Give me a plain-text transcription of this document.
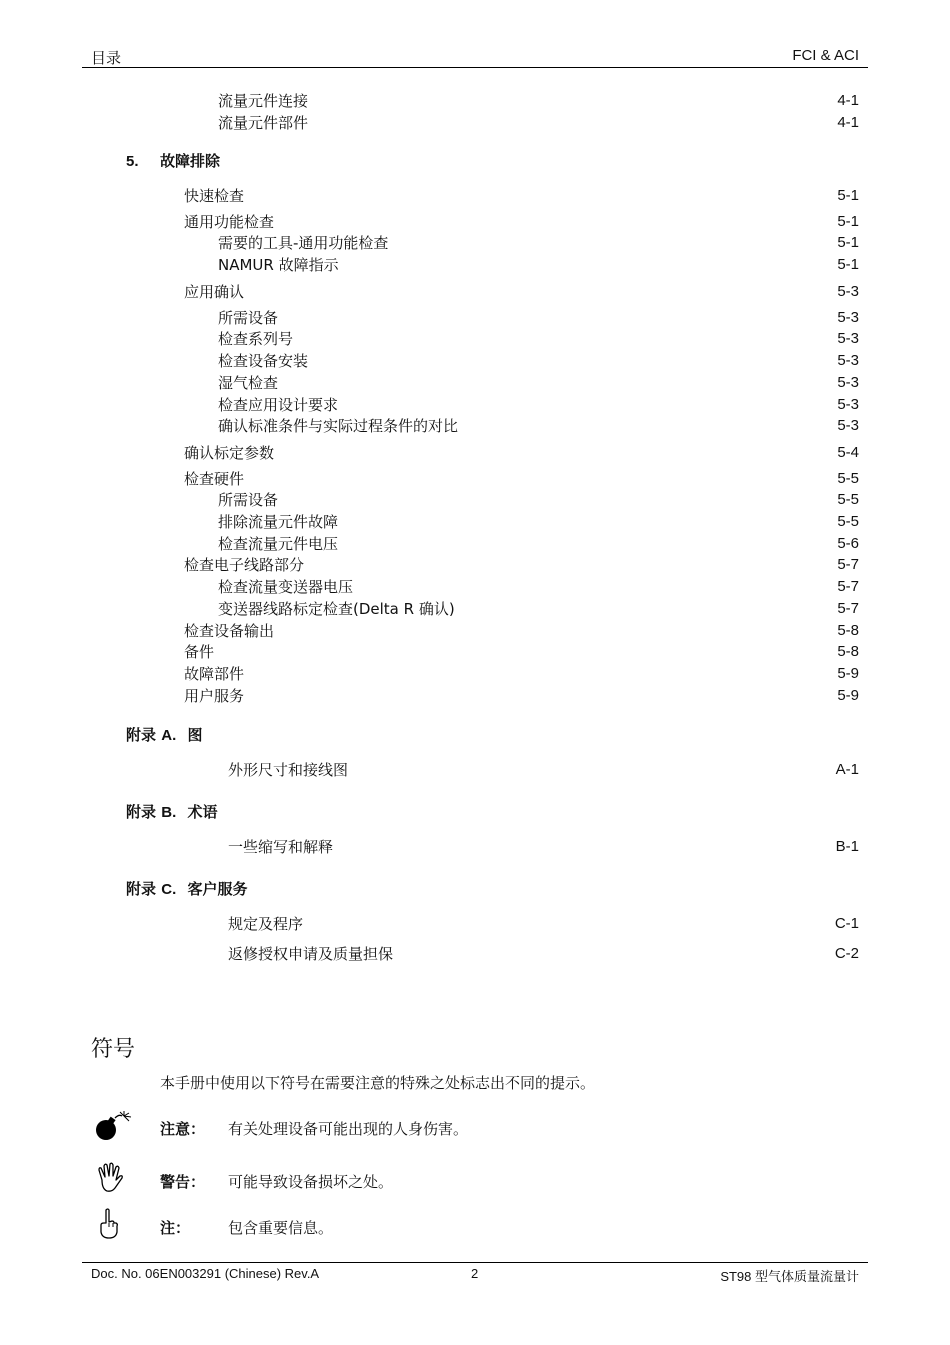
目录	FCI & ACI
流量元件连接	4-1
流量元件部件	4-1
5. 故障排除
快速检查	5-1
通用功能检查	5-1
需要的工具-通用功能检查	5-1
NAMUR 故障指示	5-1
应用确认	5-3
所需设备	5-3
检查系列号	5-3
检查设备安装	5-3
湿气检查	5-3
检查应用设计要求	5-3
确认标准条件与实际过程条件的对比	5-3
确认标定参数	5-4
检查硬件	5-5
所需设备	5-5
排除流量元件故障	5-5
检查流量元件电压	5-6
检查电子线路部分	5-7
检查流量变送器电压	5-7
变送器线路标定检查(Delta R 确认)	5-7
检查设备输出	5-8
备件	5-8
故障部件	5-9
用户服务	5-9
附录 A. 图
外形尺寸和接线图	A-1
附录 B. 术语
一些缩写和解释	B-1
附录 C. 客户服务
规定及程序	C-1
返修授权申请及质量担保	C-2
符号
本手册中使用以下符号在需要注意的特殊之处标志出不同的提示。
注意： 有关处理设备可能出现的人身伤害。
警告： 可能导致设备损坏之处。
注：	包含重要信息。
Doc. No. 06EN003291 (Chinese) Rev.A	2	ST98 型气体质量流量计
